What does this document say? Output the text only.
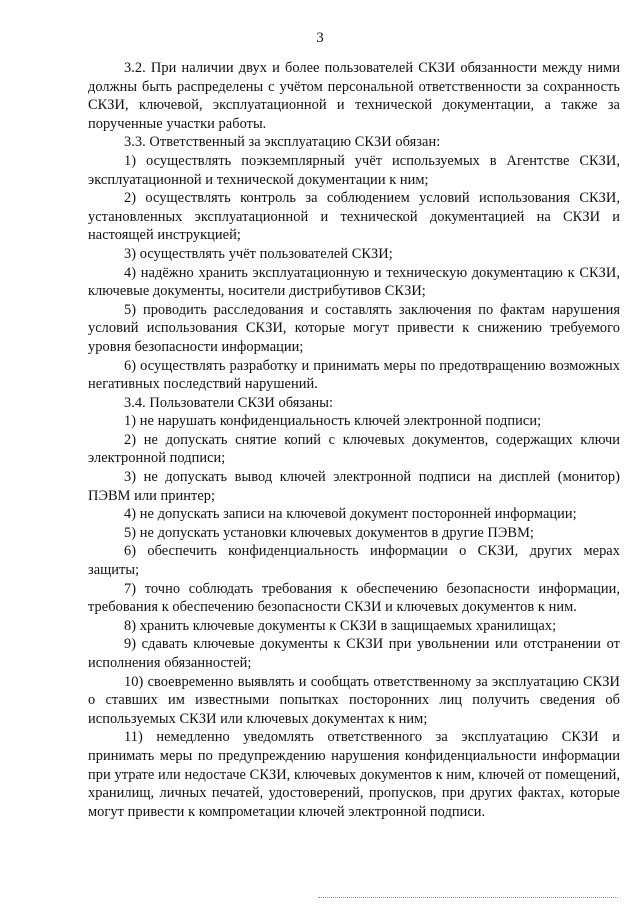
3

3.2. При наличии двух и более пользователей СКЗИ обязанности между ними должны быть распределены с учётом персональной ответственности за сохранность СКЗИ, ключевой, эксплуатационной и технической документации, а также за порученные участки работы.

3.3. Ответственный за эксплуатацию СКЗИ обязан:

1) осуществлять поэкземплярный учёт используемых в Агентстве СКЗИ, эксплуатационной и технической документации к ним;

2) осуществлять контроль за соблюдением условий использования СКЗИ, установленных эксплуатационной и технической документацией на СКЗИ и настоящей инструкцией;

3) осуществлять учёт пользователей СКЗИ;

4) надёжно хранить эксплуатационную и техническую документацию к СКЗИ, ключевые документы, носители дистрибутивов СКЗИ;

5) проводить расследования и составлять заключения по фактам нарушения условий использования СКЗИ, которые могут привести к снижению требуемого уровня безопасности информации;

6) осуществлять разработку и принимать меры по предотвращению возможных негативных последствий нарушений.

3.4. Пользователи СКЗИ обязаны:

1) не нарушать конфиденциальность ключей электронной подписи;

2) не допускать снятие копий с ключевых документов, содержащих ключи электронной подписи;

3) не допускать вывод ключей электронной подписи на дисплей (монитор) ПЭВМ или принтер;

4) не допускать записи на ключевой документ посторонней информации;

5) не допускать установки ключевых документов в другие ПЭВМ;

6) обеспечить конфиденциальность информации о СКЗИ, других мерах защиты;

7) точно соблюдать требования к обеспечению безопасности информации, требования к обеспечению безопасности СКЗИ и ключевых документов к ним.

8) хранить ключевые документы к СКЗИ в защищаемых хранилищах;

9) сдавать ключевые документы к СКЗИ при увольнении или отстранении от исполнения обязанностей;

10) своевременно выявлять и сообщать ответственному за эксплуатацию СКЗИ о ставших им известными попытках посторонних лиц получить сведения об используемых СКЗИ или ключевых документах к ним;

11) немедленно уведомлять ответственного за эксплуатацию СКЗИ и принимать меры по предупреждению нарушения конфиденциальности информации при утрате или недостаче СКЗИ, ключевых документов к ним, ключей от помещений, хранилищ, личных печатей, удостоверений, пропусков, при других фактах, которые могут привести к компрометации ключей электронной подписи.
